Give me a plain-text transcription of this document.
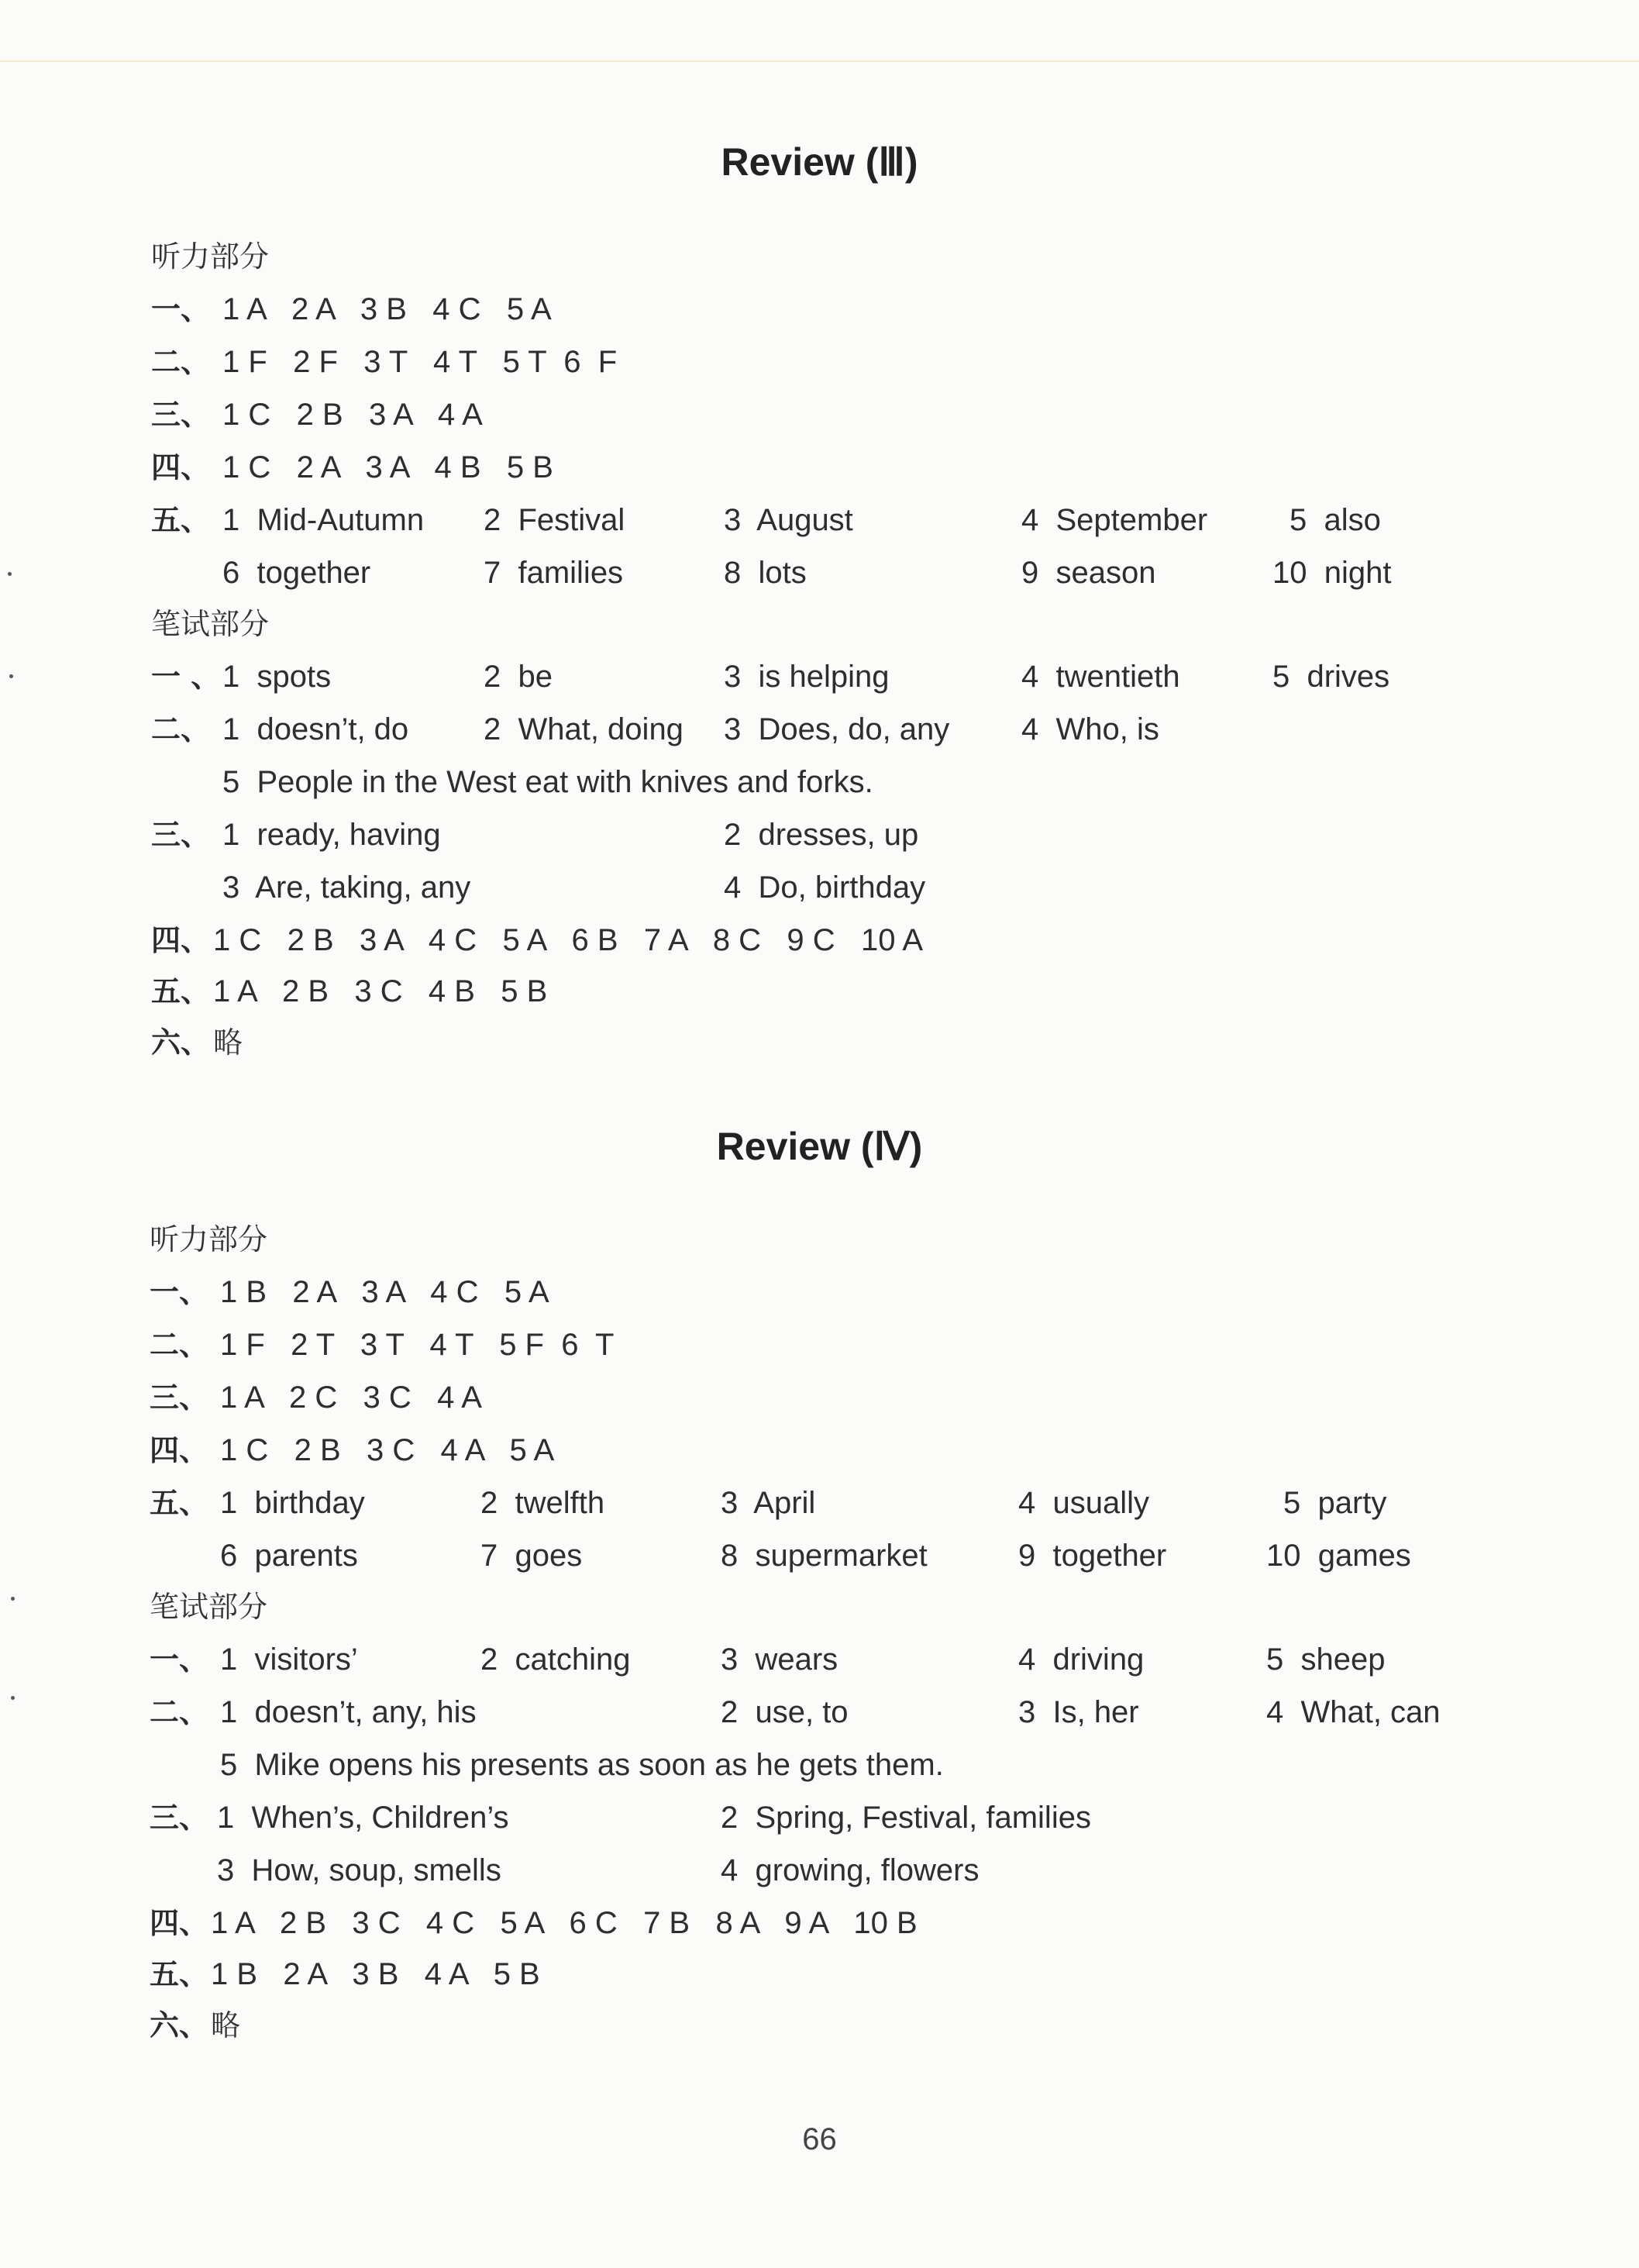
Review (Ⅲ)
听力部分
一、 1 A   2 A   3 B   4 C   5 A
二、 1 F   2 F   3 T   4 T   5 T  6  F
三、 1 C   2 B   3 A   4 A
四、 1 C   2 A   3 A   4 B   5 B
五、 1  Mid-Autumn 2  Festival	3  August	4  September	5  also
6  together	7  families	8  lots	9  season	10  night
笔试部分
一 、 1  spots	2  be	3  is helping	4  twentieth	5  drives
二、 1  doesn’t, do 2  What, doing 3  Does, do, any 4  Who, is
5  People in the West eat with knives and forks.
三、 1  ready, having	2  dresses, up
3  Are, taking, any	4  Do, birthday
四、 1 C   2 B   3 A   4 C   5 A   6 B   7 A   8 C   9 C   10 A
五、 1 A   2 B   3 C   4 B   5 B
六、 略
Review (Ⅳ)
听力部分
一、 1 B   2 A   3 A   4 C   5 A
二、 1 F   2 T   3 T   4 T   5 F  6  T
三、 1 A   2 C   3 C   4 A
四、 1 C   2 B   3 C   4 A   5 A
五、 1  birthday	2  twelfth	3  April	4  usually	5  party
6  parents	7  goes	8  supermarket	9  together	10  games
笔试部分
一、 1  visitors’	2  catching	3  wears	4  driving	5  sheep
二、 1  doesn’t, any, his	2  use, to	3  Is, her	4  What, can
5  Mike opens his presents as soon as he gets them.
三、 1  When’s, Children’s	2  Spring, Festival, families
3  How, soup, smells	4  growing, flowers
四、 1 A   2 B   3 C   4 C   5 A   6 C   7 B   8 A   9 A   10 B
五、 1 B   2 A   3 B   4 A   5 B
六、 略
66
